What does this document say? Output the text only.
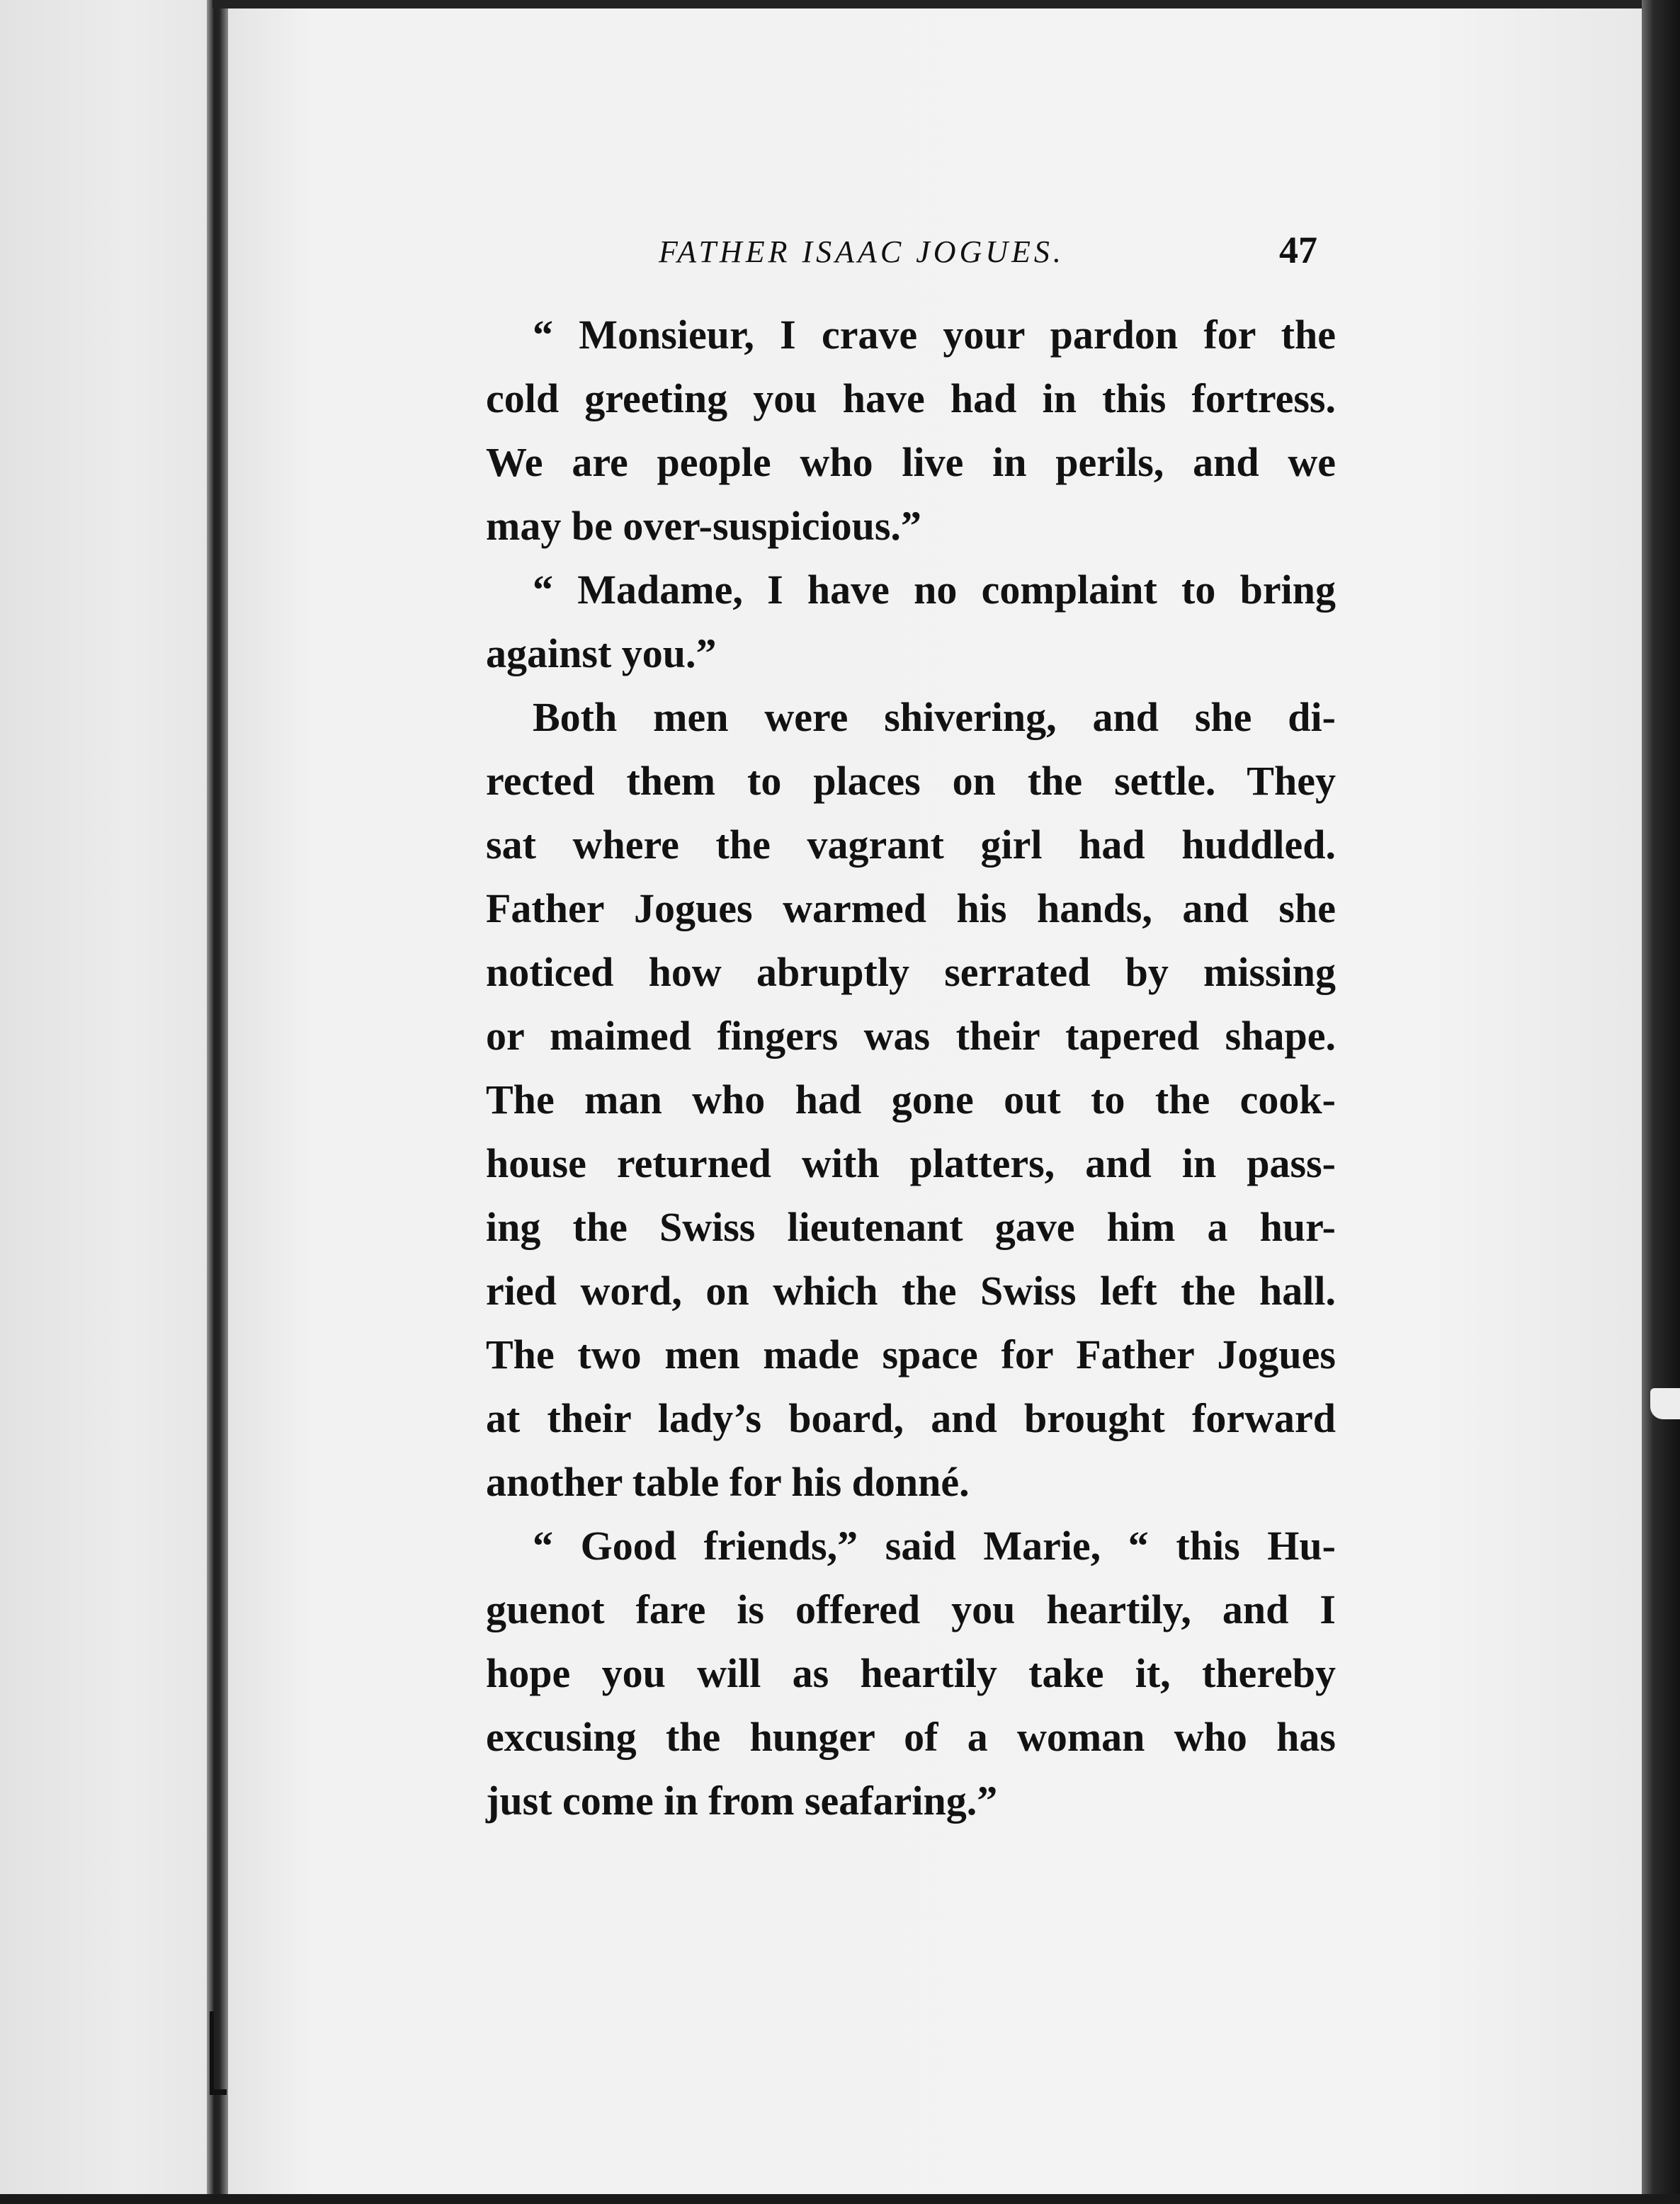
FATHER ISAAC JOGUES.	47
“ Monsieur, I crave your pardon for the
cold greeting you have had in this fortress.
We are people who live in perils, and we
may be over-suspicious.”
“ Madame, I have no complaint to bring
against you.”
Both men were shivering, and she di-
rected them to places on the settle. They
sat where the vagrant girl had huddled.
Father Jogues warmed his hands, and she
noticed how abruptly serrated by missing
or maimed fingers was their tapered shape.
The man who had gone out to the cook-
house returned with platters, and in pass-
ing the Swiss lieutenant gave him a hur-
ried word, on which the Swiss left the hall.
The two men made space for Father Jogues
at their lady’s board, and brought forward
another table for his donné.
“ Good friends,” said Marie, “ this Hu-
guenot fare is offered you heartily, and I
hope you will as heartily take it, thereby
excusing the hunger of a woman who has
just come in from seafaring.”
